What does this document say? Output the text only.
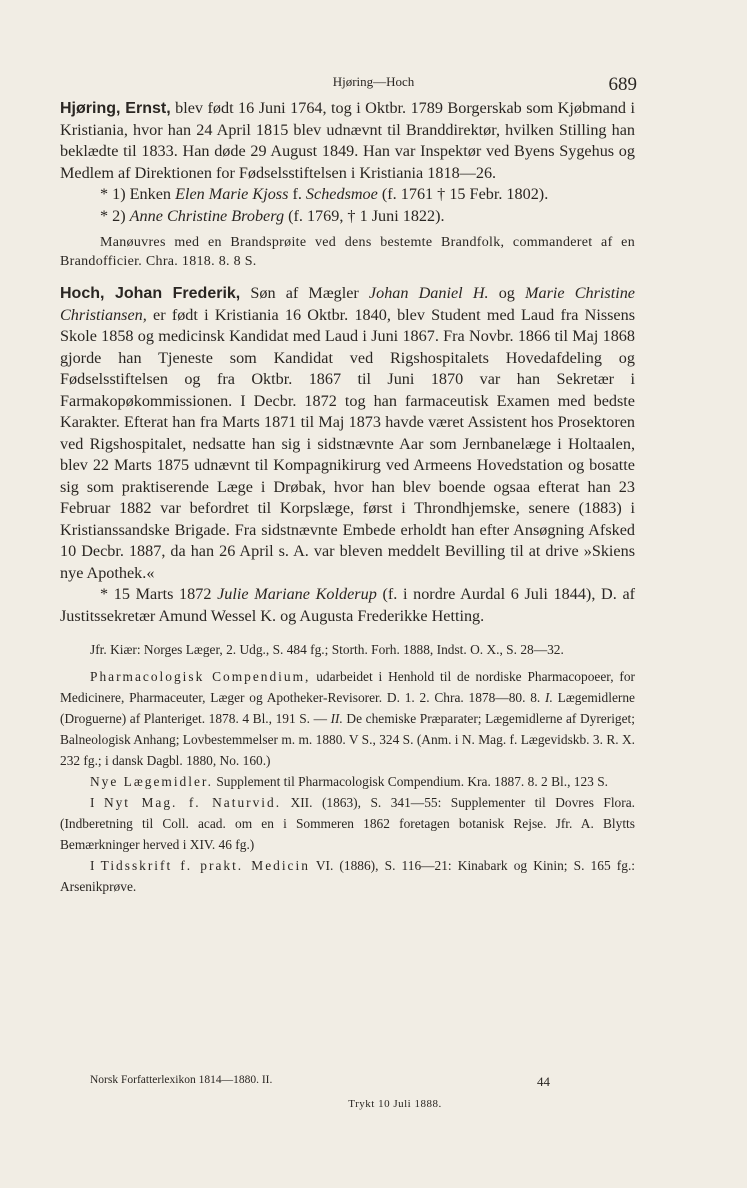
Hjøring—Hoch	689

Hjøring, Ernst, blev født 16 Juni 1764, tog i Oktbr. 1789 Borgerskab som Kjøbmand i Kristiania, hvor han 24 April 1815 blev udnævnt til Branddirektør, hvilken Stilling han beklædte til 1833. Han døde 29 August 1849. Han var Inspektør ved Byens Sygehus og Medlem af Direktionen for Fødselsstiftelsen i Kristiania 1818—26.

* 1) Enken Elen Marie Kjoss f. Schedsmoe (f. 1761 † 15 Febr. 1802).

* 2) Anne Christine Broberg (f. 1769, † 1 Juni 1822).

Manøuvres med en Brandsprøite ved dens bestemte Brandfolk, commanderet af en Brandofficier. Chra. 1818. 8. 8 S.

Hoch, Johan Frederik, Søn af Mægler Johan Daniel H. og Marie Christine Christiansen, er født i Kristiania 16 Oktbr. 1840, blev Student med Laud fra Nissens Skole 1858 og medicinsk Kandidat med Laud i Juni 1867. Fra Novbr. 1866 til Maj 1868 gjorde han Tjeneste som Kandidat ved Rigshospitalets Hovedafdeling og Fødselsstiftelsen og fra Oktbr. 1867 til Juni 1870 var han Sekretær i Farmakopøkommissionen. I Decbr. 1872 tog han farmaceutisk Examen med bedste Karakter. Efterat han fra Marts 1871 til Maj 1873 havde været Assistent hos Prosektoren ved Rigshospitalet, nedsatte han sig i sidstnævnte Aar som Jernbanelæge i Holtaalen, blev 22 Marts 1875 udnævnt til Kompagnikirurg ved Armeens Hovedstation og bosatte sig som praktiserende Læge i Drøbak, hvor han blev boende ogsaa efterat han 23 Februar 1882 var befordret til Korpslæge, først i Throndhjemske, senere (1883) i Kristianssandske Brigade. Fra sidstnævnte Embede erholdt han efter Ansøgning Afsked 10 Decbr. 1887, da han 26 April s. A. var bleven meddelt Bevilling til at drive »Skiens nye Apothek.«

* 15 Marts 1872 Julie Mariane Kolderup (f. i nordre Aurdal 6 Juli 1844), D. af Justitssekretær Amund Wessel K. og Augusta Frederikke Hetting.

Jfr. Kiær: Norges Læger, 2. Udg., S. 484 fg.; Storth. Forh. 1888, Indst. O. X., S. 28—32.

Pharmacologisk Compendium, udarbeidet i Henhold til de nordiske Pharmacopoeer, for Medicinere, Pharmaceuter, Læger og Apotheker-Revisorer. D. 1. 2. Chra. 1878—80. 8. I. Lægemidlerne (Droguerne) af Planteriget. 1878. 4 Bl., 191 S. — II. De chemiske Præparater; Lægemidlerne af Dyreriget; Balneologisk Anhang; Lovbestemmelser m. m. 1880. V S., 324 S. (Anm. i N. Mag. f. Lægevidskb. 3. R. X. 232 fg.; i dansk Dagbl. 1880, No. 160.)

Nye Lægemidler. Supplement til Pharmacologisk Compendium. Kra. 1887. 8. 2 Bl., 123 S.

I Nyt Mag. f. Naturvid. XII. (1863), S. 341—55: Supplementer til Dovres Flora. (Indberetning til Coll. acad. om en i Sommeren 1862 foretagen botanisk Rejse. Jfr. A. Blytts Bemærkninger herved i XIV. 46 fg.)

I Tidsskrift f. prakt. Medicin VI. (1886), S. 116—21: Kinabark og Kinin; S. 165 fg.: Arsenikprøve.

Norsk Forfatterlexikon 1814—1880. II.	44
Trykt 10 Juli 1888.
